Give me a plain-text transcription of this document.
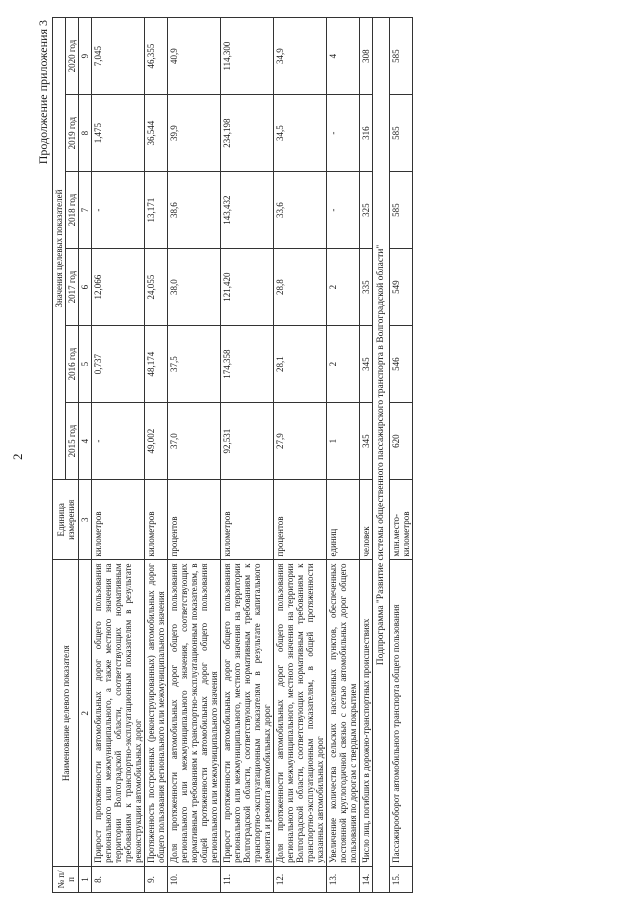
2
Продолжение приложения 3
№ п/п	Наименование целевого показателя	Единица измерения	Значения целевых показателей					
			2015 год	2016 год	2017 год	2018 год	2019 год	2020 год
1	2	3	4	5	6	7	8	9
8.	Прирост протяженности автомобильных дорог общего пользования регионального или межмуниципального, а также местного значения на территории Волгоградской области, соответствующих нормативным требованиям к транспортно-эксплуатационным показателям в результате реконструкции автомобильных дорог	километров	-	0,737	12,066	-	1,475	7,045
9.	Протяженность построенных (реконструированных) автомобильных дорог общего пользования регионального или межмуниципального значения	километров	49,002	48,174	24,055	13,171	36,544	46,355
10.	Доля протяженности автомобильных дорог общего пользования регионального или межмуниципального значения, соответствующих нормативным требованиям к транспортно-эксплуатационным показателям, в общей протяженности автомобильных дорог общего пользования регионального или межмуниципального значения	процентов	37,0	37,5	38,0	38,6	39,9	40,9
11.	Прирост протяженности автомобильных дорог общего пользования регионального или межмуниципального, местного значения на территории Волгоградской области, соответствующих нормативным требованиям к транспортно-эксплуатационным показателям в результате капитального ремонта и ремонта автомобильных дорог	километров	92,531	174,358	121,420	143,432	234,198	114,300
12.	Доля протяженности автомобильных дорог общего пользования регионального или межмуниципального, местного значения на территории Волгоградской области, соответствующих нормативным требованиям к транспортно-эксплуатационным показателям, в общей протяженности указанных автомобильных дорог	процентов	27,9	28,1	28,8	33,6	34,5	34,9
13.	Увеличение количества сельских населенных пунктов, обеспеченных постоянной круглогодичной связью с сетью автомобильных дорог общего пользования по дорогам с твердым покрытием	единиц	1	2	2	-	-	4
14.	Число лиц, погибших в дорожно-транспортных происшествиях	человек	345	345	335	325	316	308
Подпрограмма "Развитие системы общественного пассажирского транспорта в Волгоградской области"								
15.	Пассажирооборот автомобильного транспорта общего пользования	млн.место-километров	620	546	549	585	585	585
